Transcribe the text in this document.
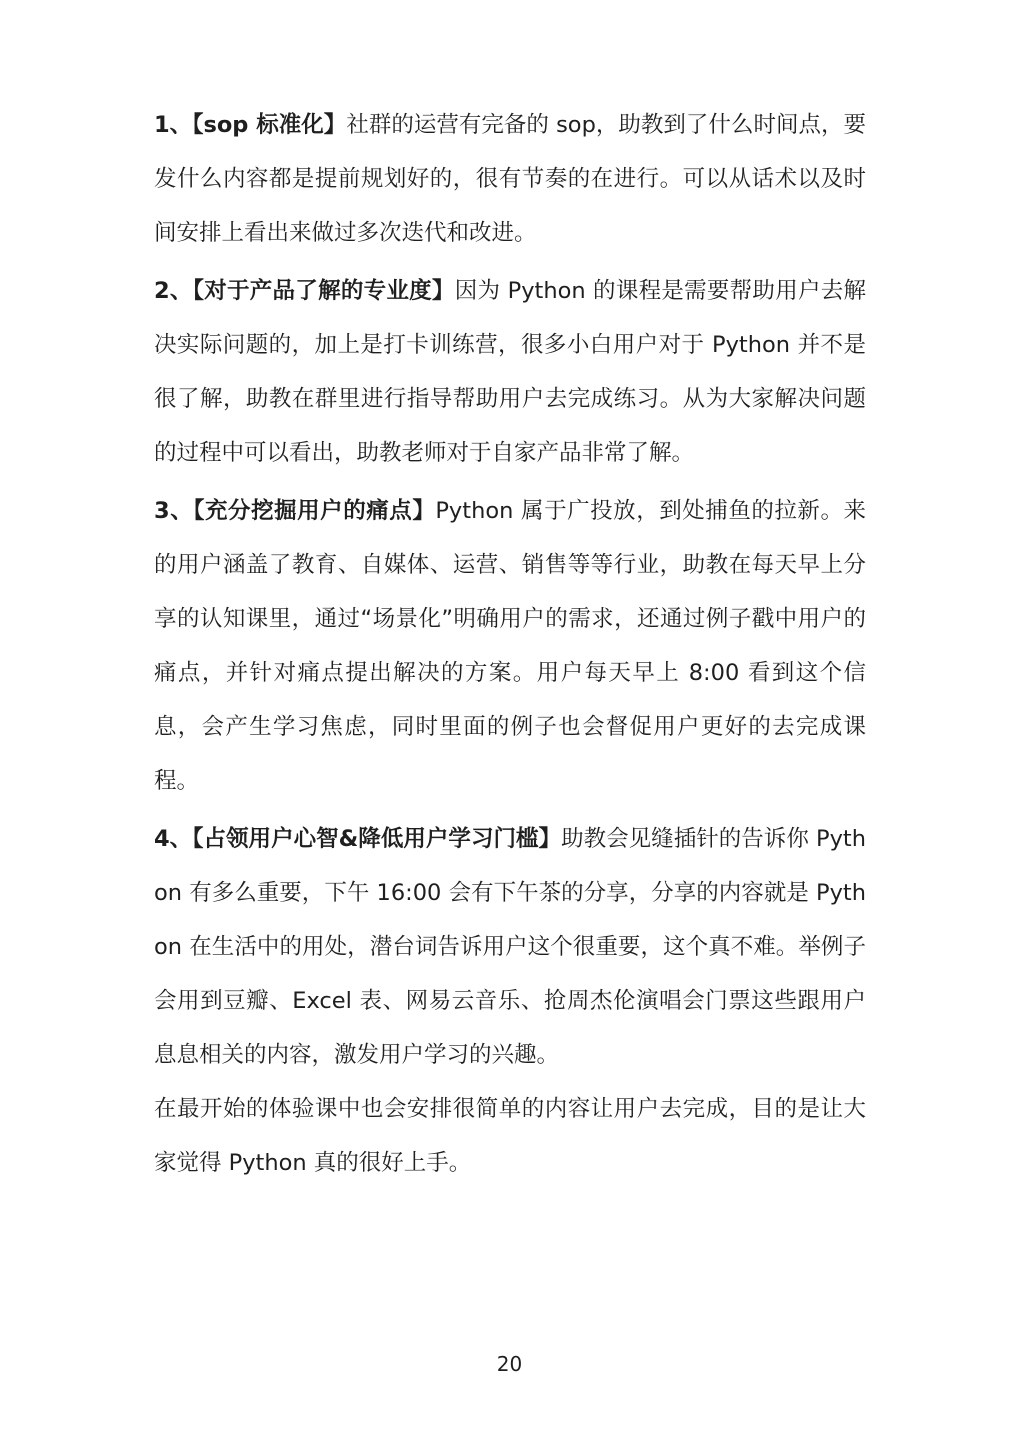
1、【sop 标准化】社群的运营有完备的 sop，助教到了什么时间点，要发什么内容都是提前规划好的，很有节奏的在进行。可以从话术以及时间安排上看出来做过多次迭代和改进。

2、【对于产品了解的专业度】因为 Python 的课程是需要帮助用户去解决实际问题的，加上是打卡训练营，很多小白用户对于 Python 并不是很了解，助教在群里进行指导帮助用户去完成练习。从为大家解决问题的过程中可以看出，助教老师对于自家产品非常了解。

3、【充分挖掘用户的痛点】Python 属于广投放，到处捕鱼的拉新。来的用户涵盖了教育、自媒体、运营、销售等等行业，助教在每天早上分享的认知课里，通过“场景化”明确用户的需求，还通过例子戳中用户的痛点，并针对痛点提出解决的方案。用户每天早上 8:00 看到这个信息，会产生学习焦虑，同时里面的例子也会督促用户更好的去完成课程。

4、【占领用户心智&降低用户学习门槛】助教会见缝插针的告诉你 Python 有多么重要，下午 16:00 会有下午茶的分享，分享的内容就是 Python 在生活中的用处，潜台词告诉用户这个很重要，这个真不难。举例子会用到豆瓣、Excel 表、网易云音乐、抢周杰伦演唱会门票这些跟用户息息相关的内容，激发用户学习的兴趣。

在最开始的体验课中也会安排很简单的内容让用户去完成，目的是让大家觉得 Python 真的很好上手。

20
